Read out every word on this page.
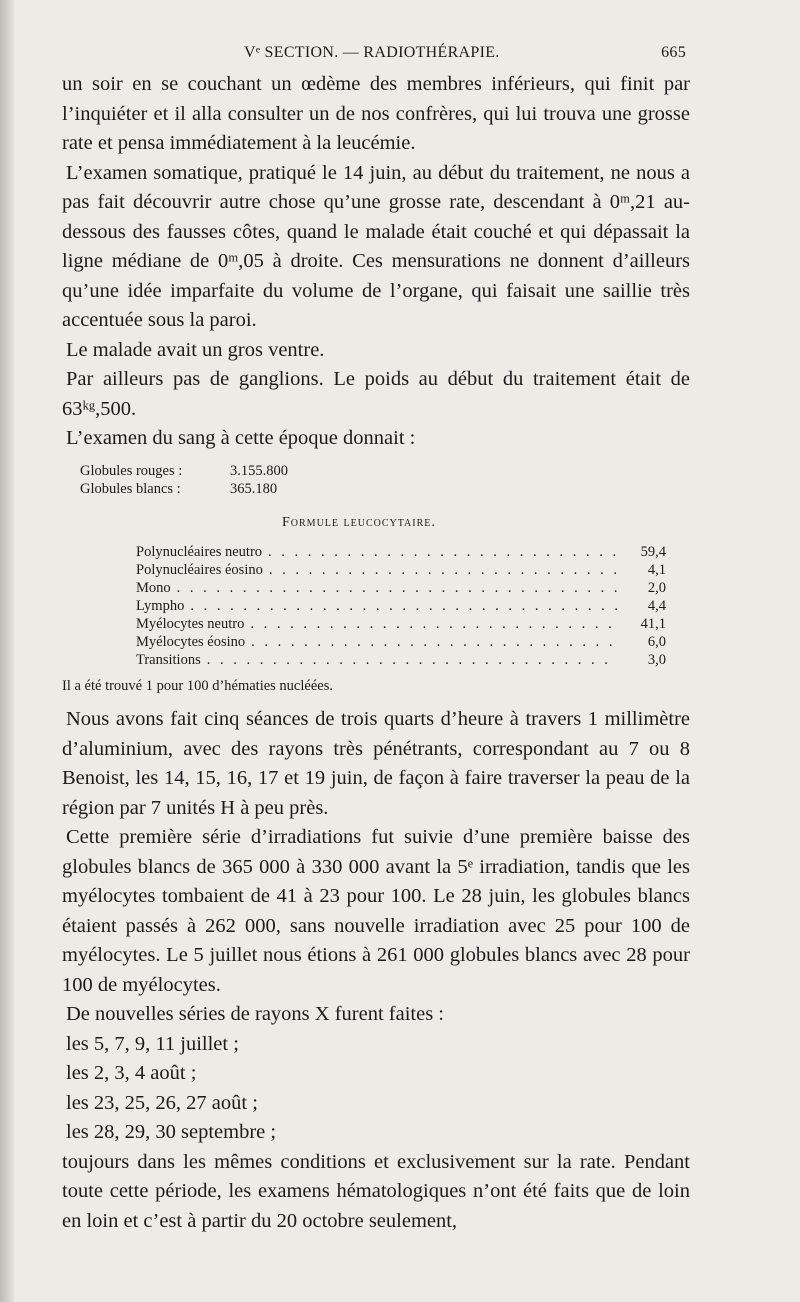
Vᵉ SECTION. — RADIOTHÉRAPIE.	665

un soir en se couchant un œdème des membres inférieurs, qui finit par l’inquiéter et il alla consulter un de nos confrères, qui lui trouva une grosse rate et pensa immédiatement à la leucémie.

L’examen somatique, pratiqué le 14 juin, au début du traitement, ne nous a pas fait découvrir autre chose qu’une grosse rate, descendant à 0ᵐ,21 au-dessous des fausses côtes, quand le malade était couché et qui dépassait la ligne médiane de 0ᵐ,05 à droite. Ces mensurations ne donnent d’ailleurs qu’une idée imparfaite du volume de l’organe, qui faisait une saillie très accentuée sous la paroi.

Le malade avait un gros ventre.

Par ailleurs pas de ganglions. Le poids au début du traitement était de 63ᵏᵍ,500.

L’examen du sang à cette époque donnait :

Globules rouges :	3.155.800
Globules blancs :	365.180
Formule leucocytaire.
Polynucléaires neutro . . .	59,4
Polynucléaires éosino . . .	4,1
Mono . . .	2,0
Lympho . . .	4,4
Myélocytes neutro . . .	41,1
Myélocytes éosino . . .	6,0
Transitions . . .	3,0
Il a été trouvé 1 pour 100 d’hématies nucléées.

Nous avons fait cinq séances de trois quarts d’heure à travers 1 millimètre d’aluminium, avec des rayons très pénétrants, correspondant au 7 ou 8 Benoist, les 14, 15, 16, 17 et 19 juin, de façon à faire traverser la peau de la région par 7 unités H à peu près.

Cette première série d’irradiations fut suivie d’une première baisse des globules blancs de 365 000 à 330 000 avant la 5ᵉ irradiation, tandis que les myélocytes tombaient de 41 à 23 pour 100. Le 28 juin, les globules blancs étaient passés à 262 000, sans nouvelle irradiation avec 25 pour 100 de myélocytes. Le 5 juillet nous étions à 261 000 globules blancs avec 28 pour 100 de myélocytes.

De nouvelles séries de rayons X furent faites :

les 5, 7, 9, 11 juillet ;

les 2, 3, 4 août ;

les 23, 25, 26, 27 août ;

les 28, 29, 30 septembre ;

toujours dans les mêmes conditions et exclusivement sur la rate. Pendant toute cette période, les examens hématologiques n’ont été faits que de loin en loin et c’est à partir du 20 octobre seulement,
